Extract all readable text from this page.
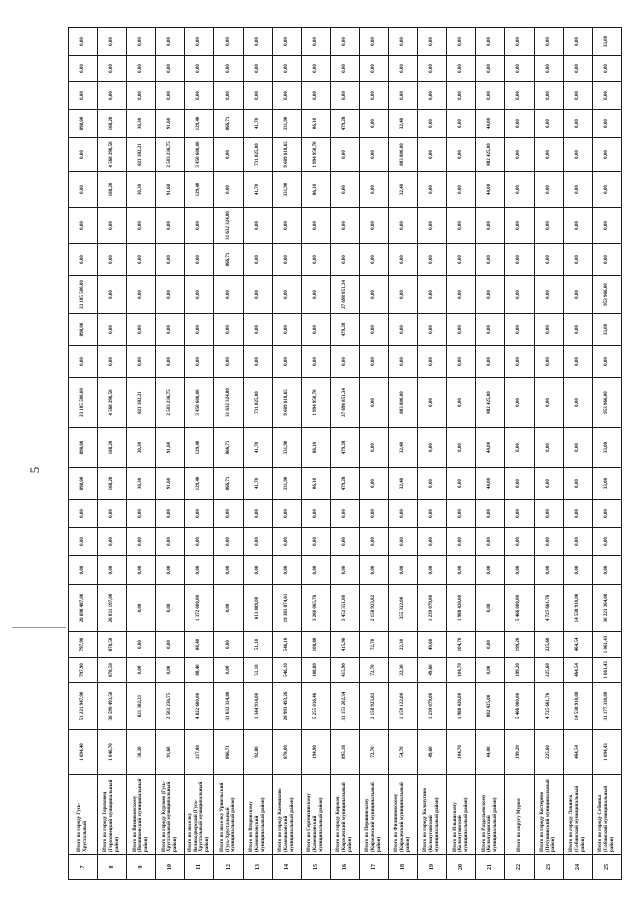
5
7	Итого по городу Гусь-Хрустальный	1 694,40	51 221 947,90	797,90	797,90	28 698 487,00	0,00	0,00	0,00	898,00	898,00	23 185 500,00	0,00	898,00	23 185 500,00	0,00	0,00	0,00	0,00	898,00	0,00	0,00	0,00
8	Итого по городу Гороховец (Гороховецкий муниципальный район)	1 046,70	30 599 493,50	878,50	878,50	26 031 197,00	0,00	0,00	0,00	168,20	168,20	4 568 296,50	0,00	0,00	0,00	0,00	0,00	168,20	4 568 296,50	168,20	0,00	0,00	0,00
9	Итого по Вязниковскому (Вязниковский муниципальный район)	30,30	821 382,21	0,00	0,00	0,00	0,00	0,00	0,00	30,30	30,30	821 382,21	0,00	0,00	0,00	0,00	0,00	30,30	821 382,21	30,30	0,00	0,00	0,00
10	Итого по городу Курлово (Гусь-Хрустальный муниципальный район)	91,60	2 503 236,75	0,00	0,00	0,00	0,00	0,00	0,00	91,60	91,60	2 503 236,75	0,00	0,00	0,00	0,00	0,00	91,60	2 503 236,75	91,60	0,00	0,00	0,00
11	Итого по поселку Великодворский (Гусь-Хрустальный муниципальный район)	217,80	4 822 600,00	88,40	88,40	1 372 000,00	0,00	0,00	0,00	129,40	129,40	3 450 600,00	0,00	0,00	0,00	0,00	0,00	129,40	3 450 600,00	129,40	0,00	0,00	0,00
12	Итого по поселку Уршельский (Гусь-Хрустальный муниципальный район)	866,71	31 632 324,80	0,00	0,00	0,00	0,00	0,00	0,00	866,71	866,71	31 632 324,80	0,00	0,00	0,00	866,71	31 632 324,80	0,00	0,00	866,71	0,00	0,00	0,00
13	Итого по Второвскому (Камешковский муниципальный район)	92,80	1 344 914,00	51,10	51,10	613 089,00	0,00	0,00	0,00	41,70	41,70	731 825,00	0,00	0,00	0,00	0,00	0,00	41,70	731 825,00	41,70	0,00	0,00	0,00
14	Итого по городу Камешково (Камешковский муниципальный район)	878,00	28 993 493,26	546,10	546,10	19 383 874,61	0,00	0,00	0,00	331,90	331,90	9 609 618,65	0,00	0,00	0,00	0,00	0,00	331,90	9 609 618,65	331,90	0,00	0,00	0,00
15	Итого по Сергеихинскому (Камешковский муниципальный район)	194,90	5 255 016,46	108,80	108,80	3 260 065,76	0,00	0,00	0,00	86,10	86,10	1 994 950,70	0,00	0,00	0,00	0,00	0,00	86,10	1 994 950,70	86,10	0,00	0,00	0,00
16	Итого по городу Киржач (Киржачский муниципальный район)	895,18	31 151 202,34	415,90	415,90	3 452 351,00	0,00	0,00	0,00	479,28	479,28	27 698 851,34	0,00	479,28	27 698 851,34	0,00	0,00	0,00	0,00	479,28	0,00	0,00	0,00
17	Итого по Першинскому (Киржачский муниципальный район)	72,70	2 158 923,82	72,70	72,70	2 158 923,82	0,00	0,00	0,00	0,00	0,00	0,00	0,00	0,00	0,00	0,00	0,00	0,00	0,00	0,00	0,00	0,00	0,00
18	Итого по Филипповскому (Киржачский муниципальный район)	54,70	1 159 122,00	22,30	22,30	355 322,00	0,00	0,00	0,00	32,40	32,40	803 800,00	0,00	0,00	0,00	0,00	0,00	32,40	803 800,00	32,40	0,00	0,00	0,00
19	Итого по городу Кольчугино (Кольчугинский муниципальный район)	49,60	1 239 079,00	49,60	49,60	1 239 079,00	0,00	0,00	0,00	0,00	0,00	0,00	0,00	0,00	0,00	0,00	0,00	0,00	0,00	0,00	0,00	0,00	0,00
20	Итого по Ильинскому (Кольчугинский муниципальный район)	104,70	1 988 420,00	104,70	104,70	1 988 420,00	0,00	0,00	0,00	0,00	0,00	0,00	0,00	0,00	0,00	0,00	0,00	0,00	0,00	0,00	0,00	0,00	0,00
21	Итого по Раздольевскому (Кольчугинский муниципальный район)	44,00	882 425,00	0,00	0,00	0,00	0,00	0,00	0,00	44,00	44,00	882 425,00	0,00	0,00	0,00	0,00	0,00	44,00	882 425,00	44,00	0,00	0,00	0,00
22	Итого по округу Муром	199,20	5 466 000,00	199,20	199,20	5 466 000,00	0,00	0,00	0,00	0,00	0,00	0,00	0,00	0,00	0,00	0,00	0,00	0,00	0,00	0,00	0,00	0,00	0,00
23	Итого по городу Костерево (Петушинский муниципальный район)	225,60	4 725 661,76	225,60	225,60	4 725 661,76	0,00	0,00	0,00	0,00	0,00	0,00	0,00	0,00	0,00	0,00	0,00	0,00	0,00	0,00	0,00	0,00	0,00
24	Итого по городу Лакинск (Собинский муниципальный район)	464,54	14 538 910,00	464,54	464,54	14 538 910,00	0,00	0,00	0,00	0,00	0,00	0,00	0,00	0,00	0,00	0,00	0,00	0,00	0,00	0,00	0,00	0,00	0,00
25	Итого по городу Собинка (Собинский муниципальный район)	1 094,43	31 177 330,00	1 061,43	1 061,43	30 223 364,00	0,00	0,00	0,00	33,00	33,00	953 966,00	0,00	33,00	953 966,00	0,00	0,00	0,00	0,00	0,00	0,00	0,00	33,00
